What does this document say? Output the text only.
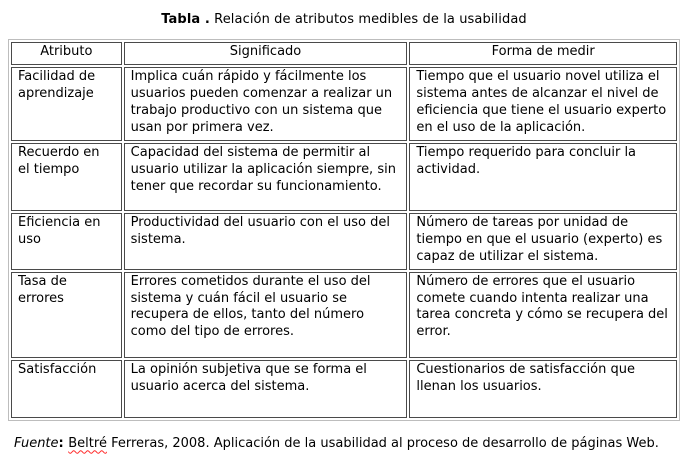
Tabla . Relación de atributos medibles de la usabilidad
Atributo	Significado	Forma de medir
Facilidad de aprendizaje	Implica cuán rápido y fácilmente los usuarios pueden comenzar a realizar un trabajo productivo con un sistema que usan por primera vez.	Tiempo que el usuario novel utiliza el sistema antes de alcanzar el nivel de eficiencia que tiene el usuario experto en el uso de la aplicación.
Recuerdo en el tiempo	Capacidad del sistema de permitir al usuario utilizar la aplicación siempre, sin tener que recordar su funcionamiento.	Tiempo requerido para concluir la actividad.
Eficiencia en uso	Productividad del usuario con el uso del sistema.	Número de tareas por unidad de tiempo en que el usuario (experto) es capaz de utilizar el sistema.
Tasa de errores	Errores cometidos durante el uso del sistema y cuán fácil el usuario se recupera de ellos, tanto del número como del tipo de errores.	Número de errores que el usuario comete cuando intenta realizar una tarea concreta y cómo se recupera del error.
Satisfacción	La opinión subjetiva que se forma el usuario acerca del sistema.	Cuestionarios de satisfacción que llenan los usuarios.
Fuente: Beltré Ferreras, 2008. Aplicación de la usabilidad al proceso de desarrollo de páginas Web.
